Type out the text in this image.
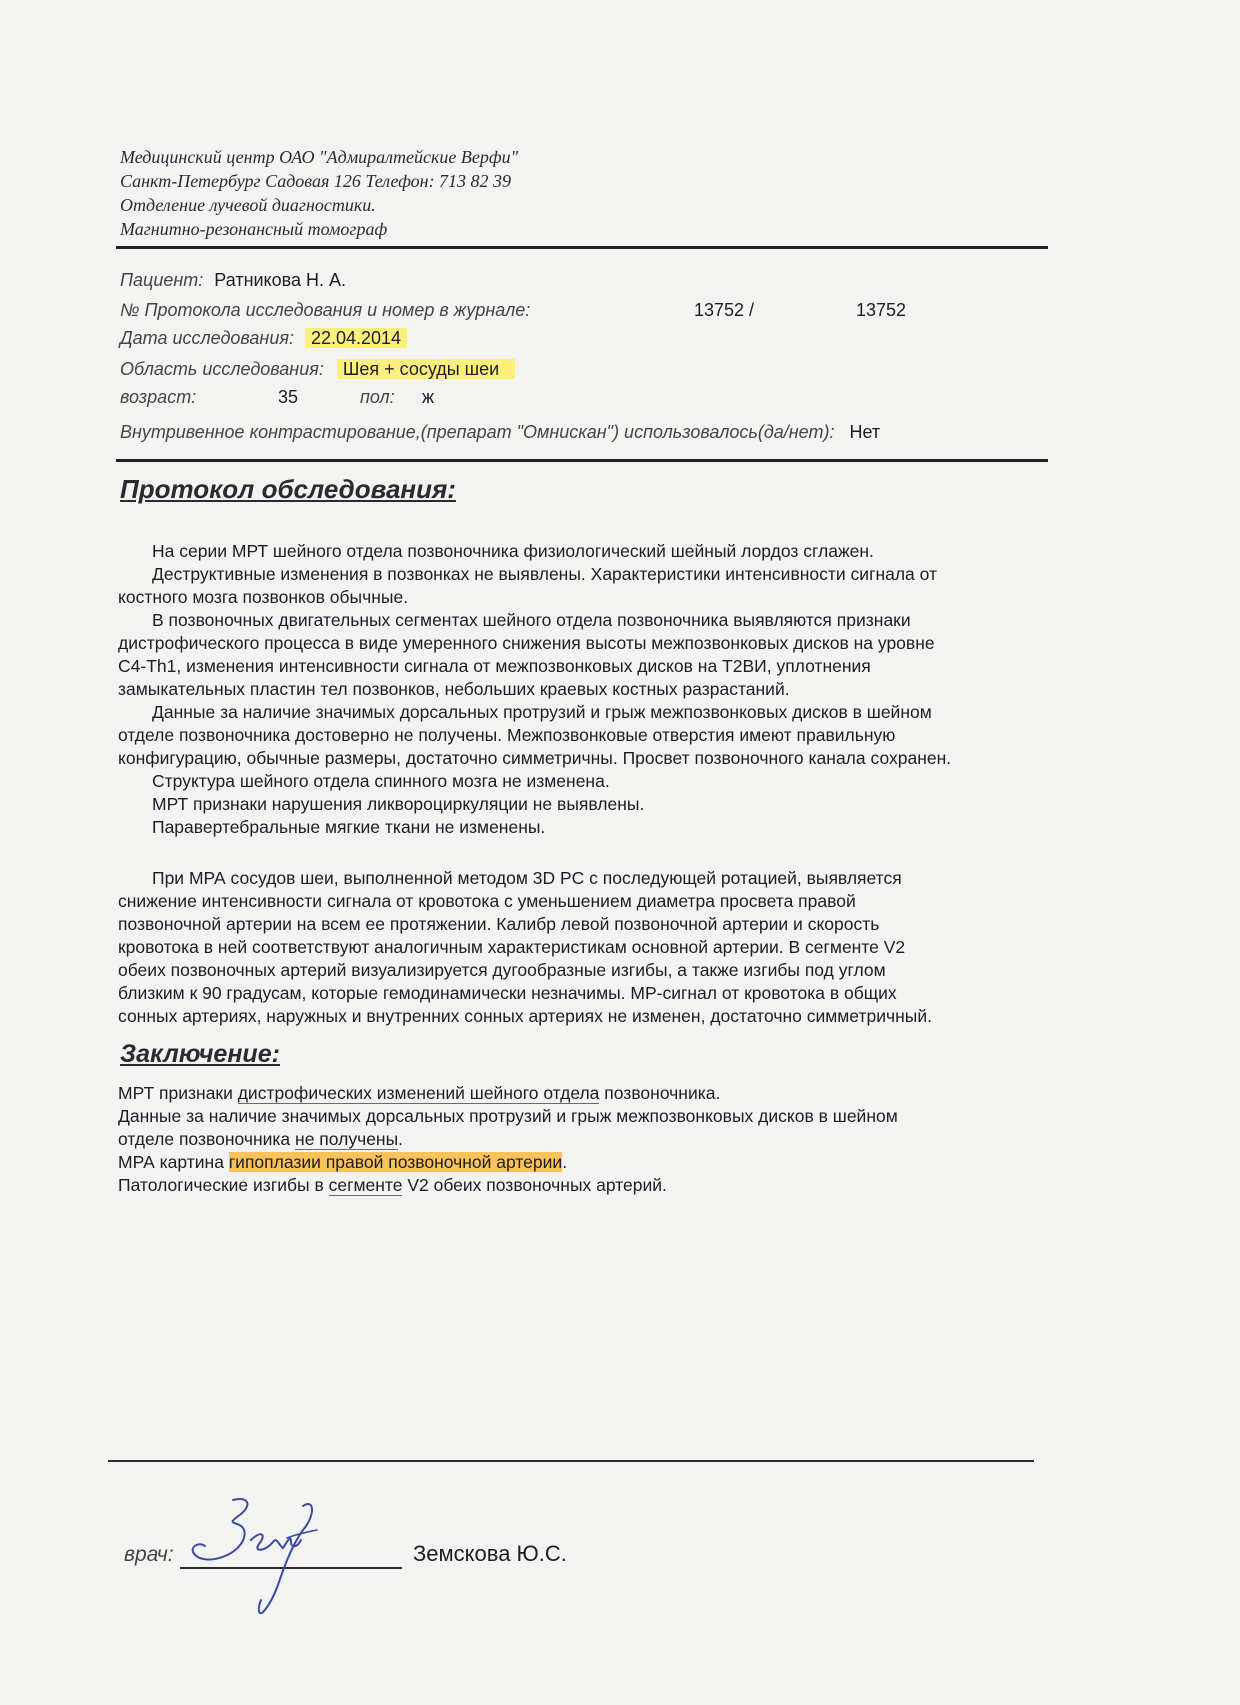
Медицинский центр ОАО "Адмиралтейские Верфи"
Санкт-Петербург Садовая 126 Телефон: 713 82 39
Отделение лучевой диагностики.
Магнитно-резонансный томограф
Пациент: Ратникова Н. А.
№ Протокола исследования и номер в журнале:	13752 /	13752
Дата исследования: 22.04.2014
Область исследования: Шея + сосуды шеи
возраст:	35	пол: ж
Внутривенное контрастирование,(препарат "Омнискан") использовалось(да/нет): Нет
Протокол обследования:

На серии МРТ шейного отдела позвоночника физиологический шейный лордоз сглажен.

Деструктивные изменения в позвонках не выявлены. Характеристики интенсивности сигнала от

костного мозга позвонков обычные.

В позвоночных двигательных сегментах шейного отдела позвоночника выявляются признаки

дистрофического процесса в виде умеренного снижения высоты межпозвонковых дисков на уровне

C4-Th1, изменения интенсивности сигнала от межпозвонковых дисков на T2ВИ, уплотнения

замыкательных пластин тел позвонков, небольших краевых костных разрастаний.

Данные за наличие значимых дорсальных протрузий и грыж межпозвонковых дисков в шейном

отделе позвоночника достоверно не получены. Межпозвонковые отверстия имеют правильную

конфигурацию, обычные размеры, достаточно симметричны. Просвет позвоночного канала сохранен.

Структура шейного отдела спинного мозга не изменена.

МРТ признаки нарушения ликвороциркуляции не выявлены.

Паравертебральные мягкие ткани не изменены.

При МРА сосудов шеи, выполненной методом 3D PC с последующей ротацией, выявляется

снижение интенсивности сигнала от кровотока с уменьшением диаметра просвета правой

позвоночной артерии на всем ее протяжении. Калибр левой позвоночной артерии и скорость

кровотока в ней соответствуют аналогичным характеристикам основной артерии. В сегменте V2

обеих позвоночных артерий визуализируется дугообразные изгибы, а также изгибы под углом

близким к 90 градусам, которые гемодинамически незначимы. МР-сигнал от кровотока в общих

сонных артериях, наружных и внутренних сонных артериях не изменен, достаточно симметричный.

Заключение:

МРТ признаки дистрофических изменений шейного отдела позвоночника.

Данные за наличие значимых дорсальных протрузий и грыж межпозвонковых дисков в шейном

отделе позвоночника не получены.

МРА картина гипоплазии правой позвоночной артерии.

Патологические изгибы в сегменте V2 обеих позвоночных артерий.

врач:	Земскова Ю.С.
